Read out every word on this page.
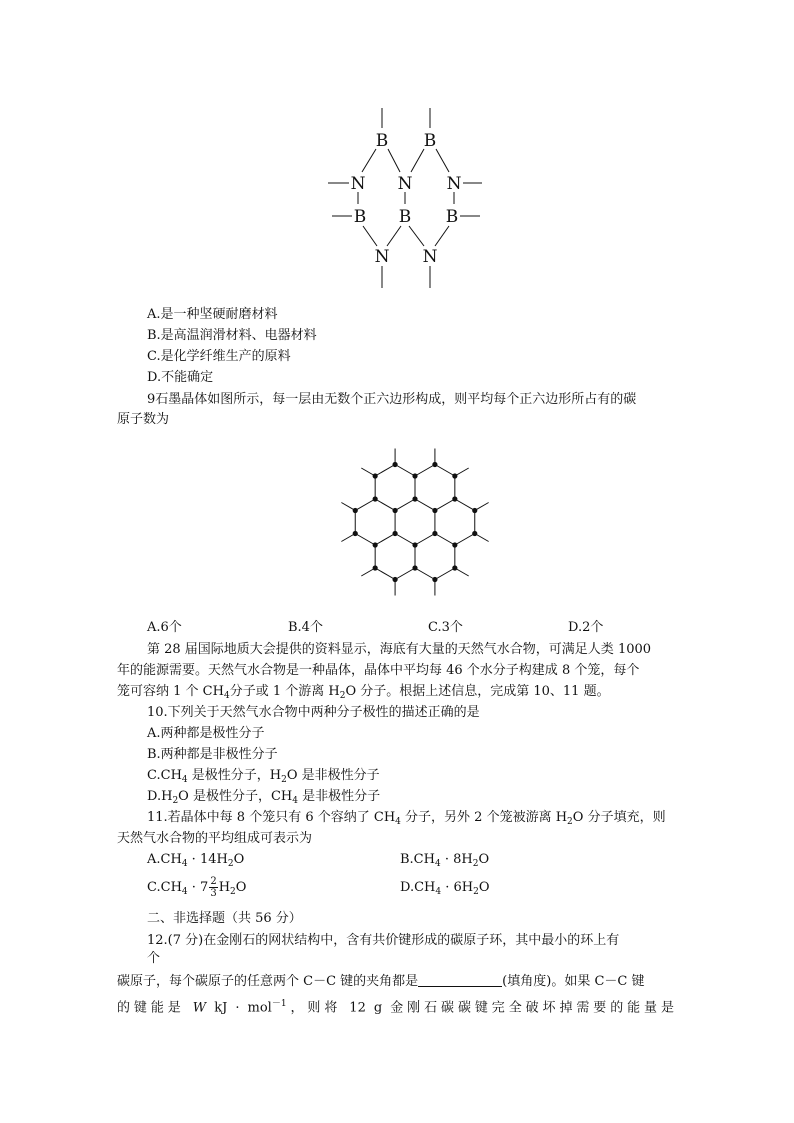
B B
N N N
B B B
N N
A.是一种坚硬耐磨材料
B.是高温润滑材料、电器材料
C.是化学纤维生产的原料
D.不能确定
9石墨晶体如图所示，每一层由无数个正六边形构成，则平均每个正六边形所占有的碳
原子数为
A.6个	B.4个	C.3个	D.2个
第 28 届国际地质大会提供的资料显示，海底有大量的天然气水合物，可满足人类 1000
年的能源需要。天然气水合物是一种晶体，晶体中平均每 46 个水分子构建成 8 个笼，每个
笼可容纳 1 个 $CH_4$分子或 1 个游离 $H_2O$ 分子。根据上述信息，完成第 10、11 题。
10.下列关于天然气水合物中两种分子极性的描述正确的是
A.两种都是极性分子
B.两种都是非极性分子
$C.CH_4$ 是极性分子，$H_2O$ 是非极性分子
$D.H_2O$ 是极性分子，$CH_4$ 是非极性分子
11.若晶体中每 8 个笼只有 6 个容纳了 $CH_4$ 分子，另外 2 个笼被游离 $H_2O$ 分子填充，则
天然气水合物的平均组成可表示为
$A.CH_4 \cdot 14H_2O$	$B.CH_4 \cdot 8H_2O$
$C.CH_4 \cdot 7 \frac{2}{3} H_2O$	$D.CH_4 \cdot 6H_2O$
二、非选择题（共 56 分）
12.(7 分)在金刚石的网状结构中，含有共价键形成的碳原子环，其中最小的环上有
个
碳原子，每个碳原子的任意两个 C－C 键的夹角都是	(填角度)。如果 C－C 键
的键能是 W kJ · mol$^{-1}$，则将 12 g 金刚石碳碳键完全破坏掉需要的能量是
